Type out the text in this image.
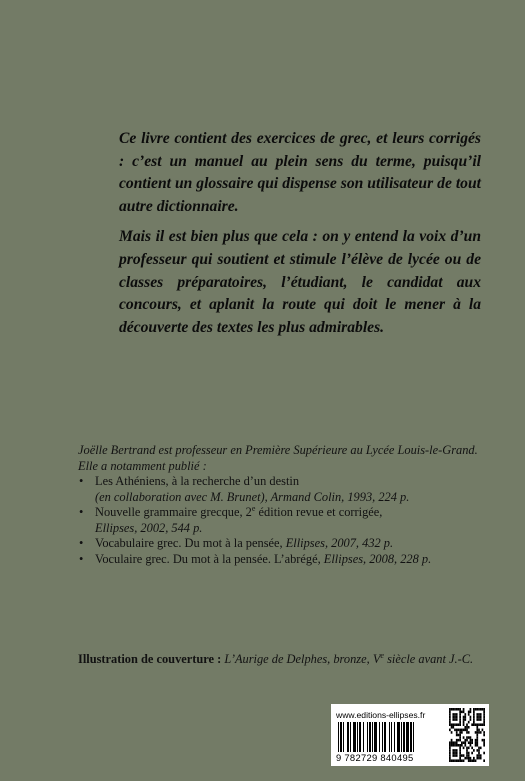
Ce livre contient des exercices de grec, et leurs corrigés : c’est un manuel au plein sens du terme, puisqu’il contient un glossaire qui dispense son utilisateur de tout autre dictionnaire.

Mais il est bien plus que cela : on y entend la voix d’un professeur qui soutient et stimule l’élève de lycée ou de classes préparatoires, l’étudiant, le candidat aux concours, et aplanit la route qui doit le mener à la découverte des textes les plus admirables.

Joëlle Bertrand est professeur en Première Supérieure au Lycée Louis-le-Grand. Elle a notamment publié :

• Les Athéniens, à la recherche d’un destin
(en collaboration avec M. Brunet), Armand Colin, 1993, 224 p.
• Nouvelle grammaire grecque, 2e édition revue et corrigée,
Ellipses, 2002, 544 p.
• Vocabulaire grec. Du mot à la pensée, Ellipses, 2007, 432 p.
• Voculaire grec. Du mot à la pensée. L’abrégé, Ellipses, 2008, 228 p.
Illustration de couverture : L’Aurige de Delphes, bronze, Ve siècle avant J.-C.
www.editions-ellipses.fr
9 782729 840495
